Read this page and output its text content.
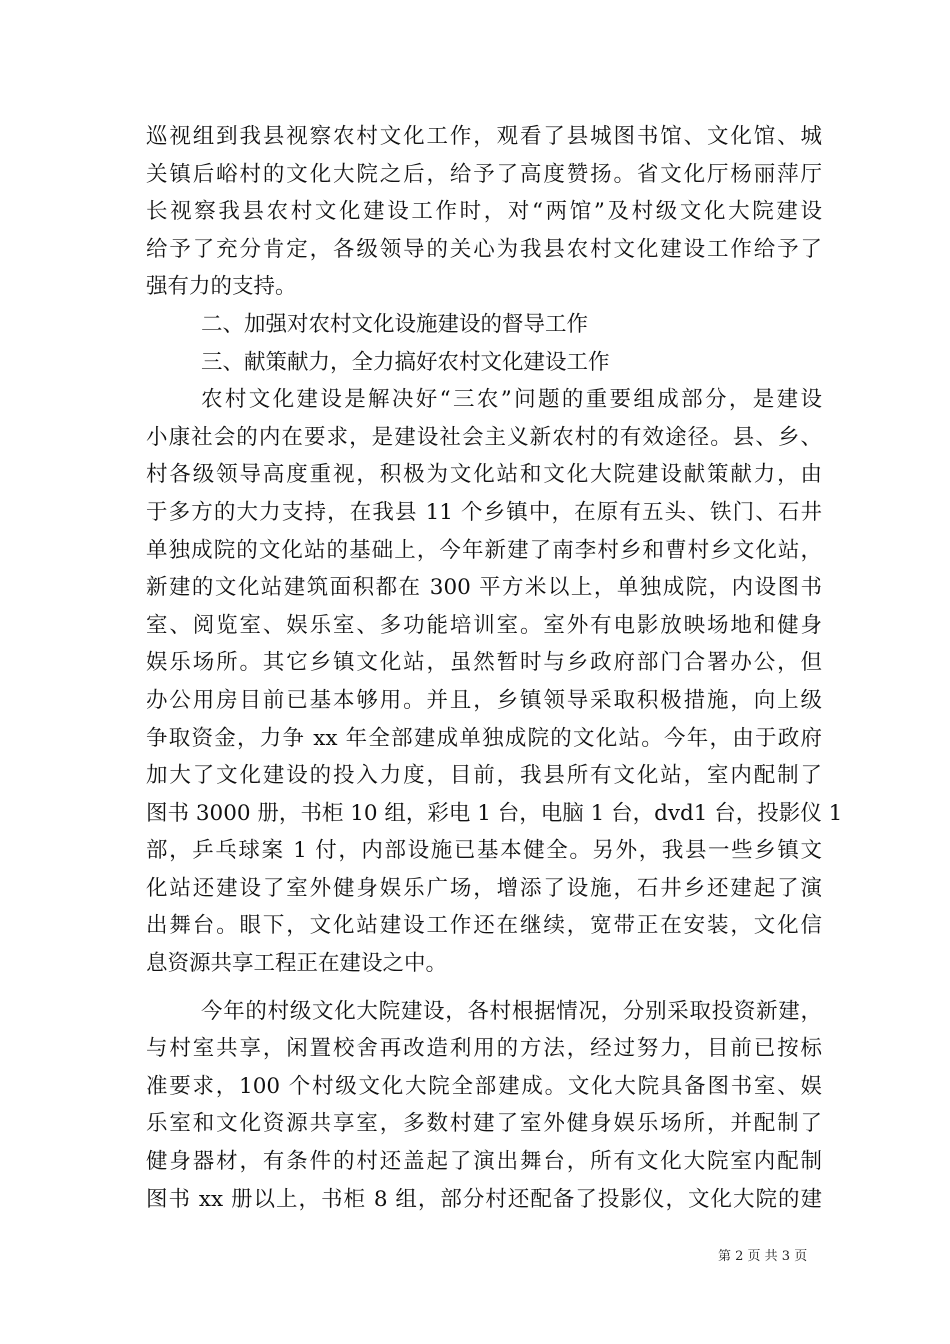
巡视组到我县视察农村文化工作，观看了县城图书馆、文化馆、城
关镇后峪村的文化大院之后，给予了高度赞扬。省文化厅杨丽萍厅
长视察我县农村文化建设工作时，对“两馆”及村级文化大院建设
给予了充分肯定，各级领导的关心为我县农村文化建设工作给予了
强有力的支持。
二、加强对农村文化设施建设的督导工作
三、献策献力，全力搞好农村文化建设工作
农村文化建设是解决好“三农”问题的重要组成部分，是建设
小康社会的内在要求，是建设社会主义新农村的有效途径。县、乡、
村各级领导高度重视，积极为文化站和文化大院建设献策献力，由
于多方的大力支持，在我县 11 个乡镇中，在原有五头、铁门、石井
单独成院的文化站的基础上，今年新建了南李村乡和曹村乡文化站，
新建的文化站建筑面积都在 300 平方米以上，单独成院，内设图书
室、阅览室、娱乐室、多功能培训室。室外有电影放映场地和健身
娱乐场所。其它乡镇文化站，虽然暂时与乡政府部门合署办公，但
办公用房目前已基本够用。并且，乡镇领导采取积极措施，向上级
争取资金，力争 xx 年全部建成单独成院的文化站。今年，由于政府
加大了文化建设的投入力度，目前，我县所有文化站，室内配制了
图书 3000 册，书柜 10 组，彩电 1 台，电脑 1 台，dvd1 台，投影仪 1
部，乒乓球案 1 付，内部设施已基本健全。另外，我县一些乡镇文
化站还建设了室外健身娱乐广场，增添了设施，石井乡还建起了演
出舞台。眼下，文化站建设工作还在继续，宽带正在安装，文化信
息资源共享工程正在建设之中。
今年的村级文化大院建设，各村根据情况，分别采取投资新建，
与村室共享，闲置校舍再改造利用的方法，经过努力，目前已按标
准要求，100 个村级文化大院全部建成。文化大院具备图书室、娱
乐室和文化资源共享室，多数村建了室外健身娱乐场所，并配制了
健身器材，有条件的村还盖起了演出舞台，所有文化大院室内配制
图书 xx 册以上，书柜 8 组，部分村还配备了投影仪，文化大院的建
第 2 页 共 3 页
